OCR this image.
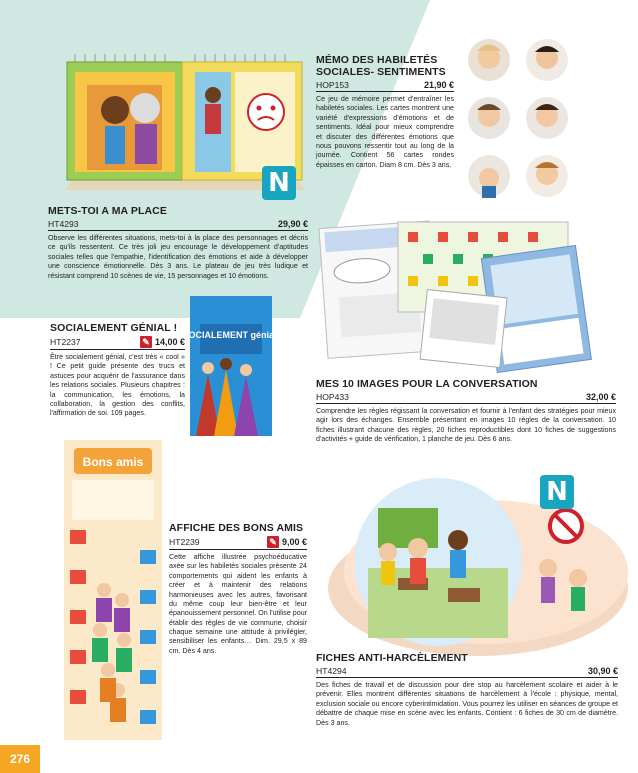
N
METS-TOI A MA PLACE
HT4293	29,90 €
Observe les différentes situations, mets-toi à la place des personnages et décris ce qu'ils ressentent. Ce très joli jeu encourage le développement d'aptitudes sociales telles que l'empathie, l'identification des émotions et aide à développer une conscience émotionnelle. Dès 3 ans. Le plateau de jeu très ludique et résistant comprend 10 scènes de vie, 15 personnages et 10 émotions.
MÉMO DES HABILETÉS SOCIALES- SENTIMENTS
HOP153	21,90 €
Ce jeu de mémoire permet d'entraîner les habiletés sociales. Les cartes montrent une variété d'expressions d'émotions et de sentiments. Idéal pour mieux comprendre et discuter des différentes émotions que nous pouvons ressentir tout au long de la journée. Contient 56 cartes rondes épaisses en carton. Diam 8 cm. Dès 3 ans.
SOCIALEMENT GÉNIAL !
HT2237	✎ 14,00 €
Être socialement génial, c'est très « cool » ! Ce petit guide présente des trucs et astuces pour acquérir de l'assurance dans les relations sociales. Plusieurs chapitres : la communication, les émotions, la collaboration, la gestion des conflits, l'affirmation de soi. 109 pages.
SOCIALEMENT génial!
MES 10 IMAGES POUR LA CONVERSATION
HOP433	32,00 €
Comprendre les règles régissant la conversation et fournir à l'enfant des stratégies pour mieux agir lors des échanges. Ensemble présentant en images 10 règles de la conversation. 10 fiches illustrant chacune des règles, 20 fiches reproductibles dont 10 fiches de suggestions d'activités + guide de vérification, 1 planche de jeu. Dès 6 ans.
Bons amis
AFFICHE DES BONS AMIS
HT2239	✎ 9,00 €
Cette affiche illustrée psychoéducative axée sur les habiletés sociales présente 24 comportements qui aident les enfants à créer et à maintenir des relations harmonieuses avec les autres, favorisant du même coup leur bien-être et leur épanouissement personnel. On l'utilise pour établir des règles de vie commune, choisir chaque semaine une attitude à privilégier, sensibiliser les enfants… Dim. 29,5 x 89 cm. Dès 4 ans.
N
FICHES ANTI-HARCÈLEMENT
HT4294	30,90 €
Des fiches de travail et de discussion pour dire stop au harcèlement scolaire et aider à le prévenir. Elles montrent différentes situations de harcèlement à l'école : physique, mental, exclusion sociale ou encore cyberintimidation. Vous pourrez les utiliser en séances de groupe et débattre de chaque mise en scène avec les enfants. Contient : 6 fiches de 30 cm de diamètre. Dès 3 ans.
276
